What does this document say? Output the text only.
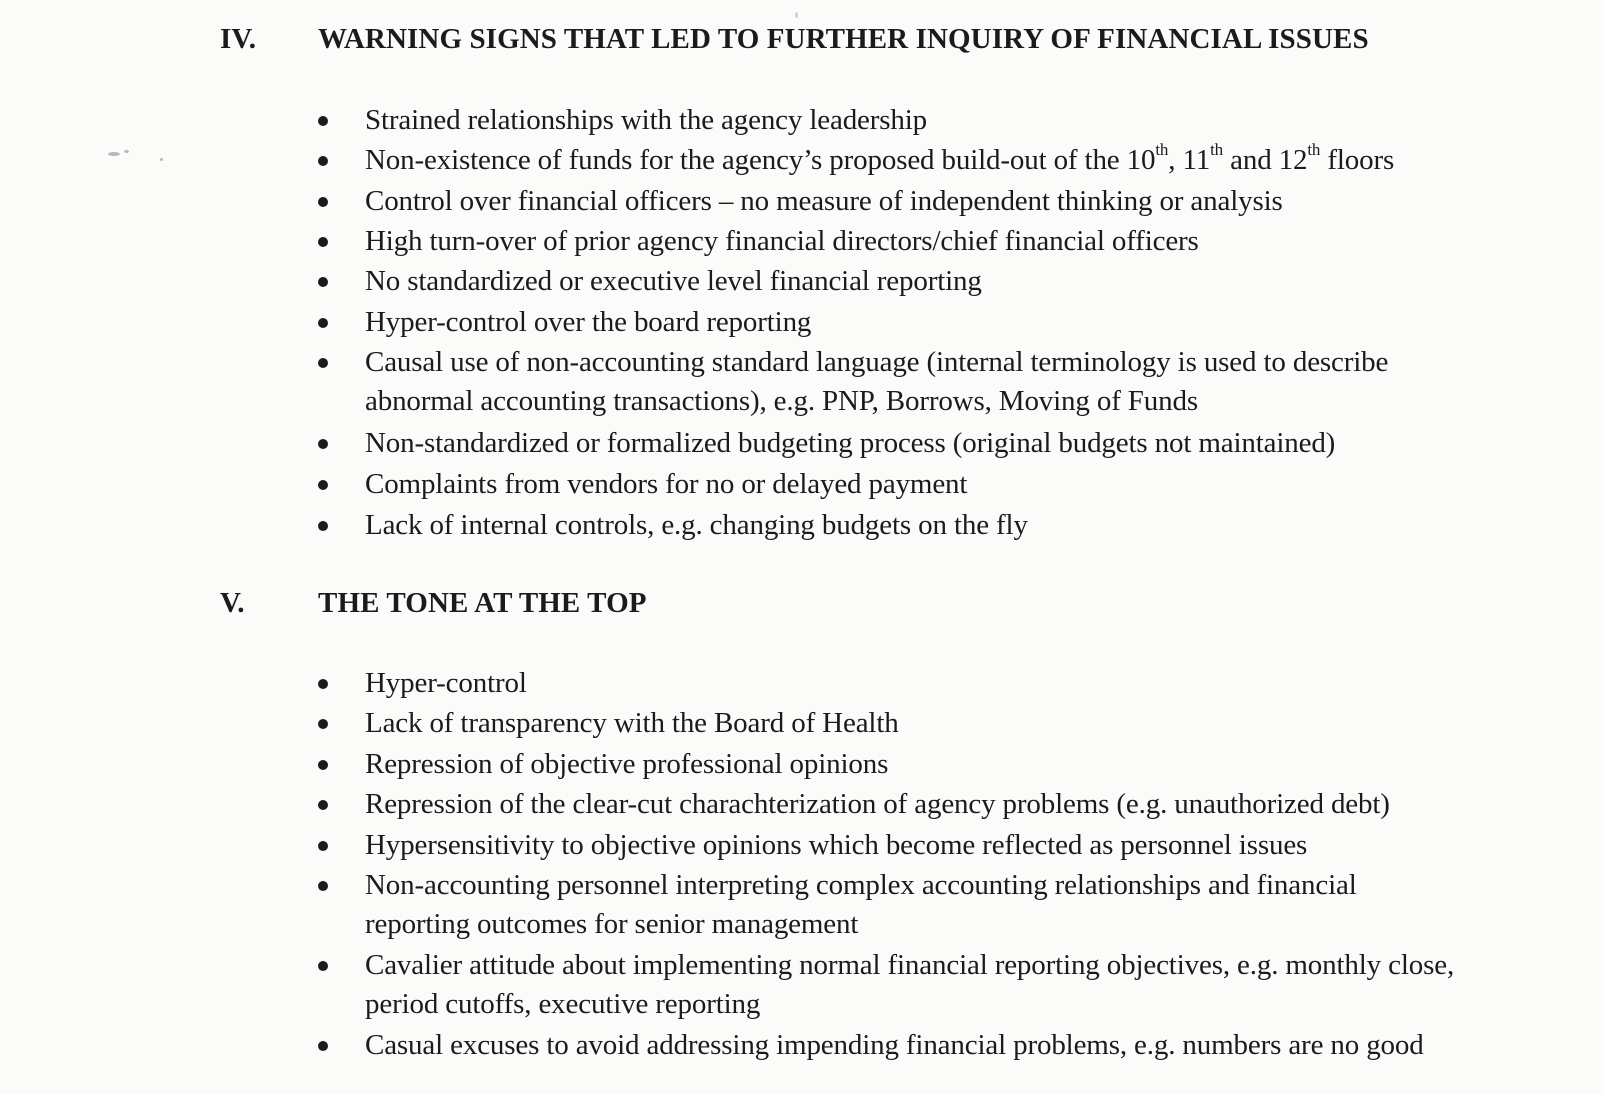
IV. WARNING SIGNS THAT LED TO FURTHER INQUIRY OF FINANCIAL ISSUES
Strained relationships with the agency leadership
Non-existence of funds for the agency’s proposed build-out of the 10th, 11th and 12th floors
Control over financial officers – no measure of independent thinking or analysis
High turn-over of prior agency financial directors/chief financial officers
No standardized or executive level financial reporting
Hyper-control over the board reporting
Causal use of non-accounting standard language (internal terminology is used to describe
abnormal accounting transactions), e.g. PNP, Borrows, Moving of Funds
Non-standardized or formalized budgeting process (original budgets not maintained)
Complaints from vendors for no or delayed payment
Lack of internal controls, e.g. changing budgets on the fly
V.	THE TONE AT THE TOP
Hyper-control
Lack of transparency with the Board of Health
Repression of objective professional opinions
Repression of the clear-cut charachterization of agency problems (e.g. unauthorized debt)
Hypersensitivity to objective opinions which become reflected as personnel issues
Non-accounting personnel interpreting complex accounting relationships and financial
reporting outcomes for senior management
Cavalier attitude about implementing normal financial reporting objectives, e.g. monthly close,
period cutoffs, executive reporting
Casual excuses to avoid addressing impending financial problems, e.g. numbers are no good
